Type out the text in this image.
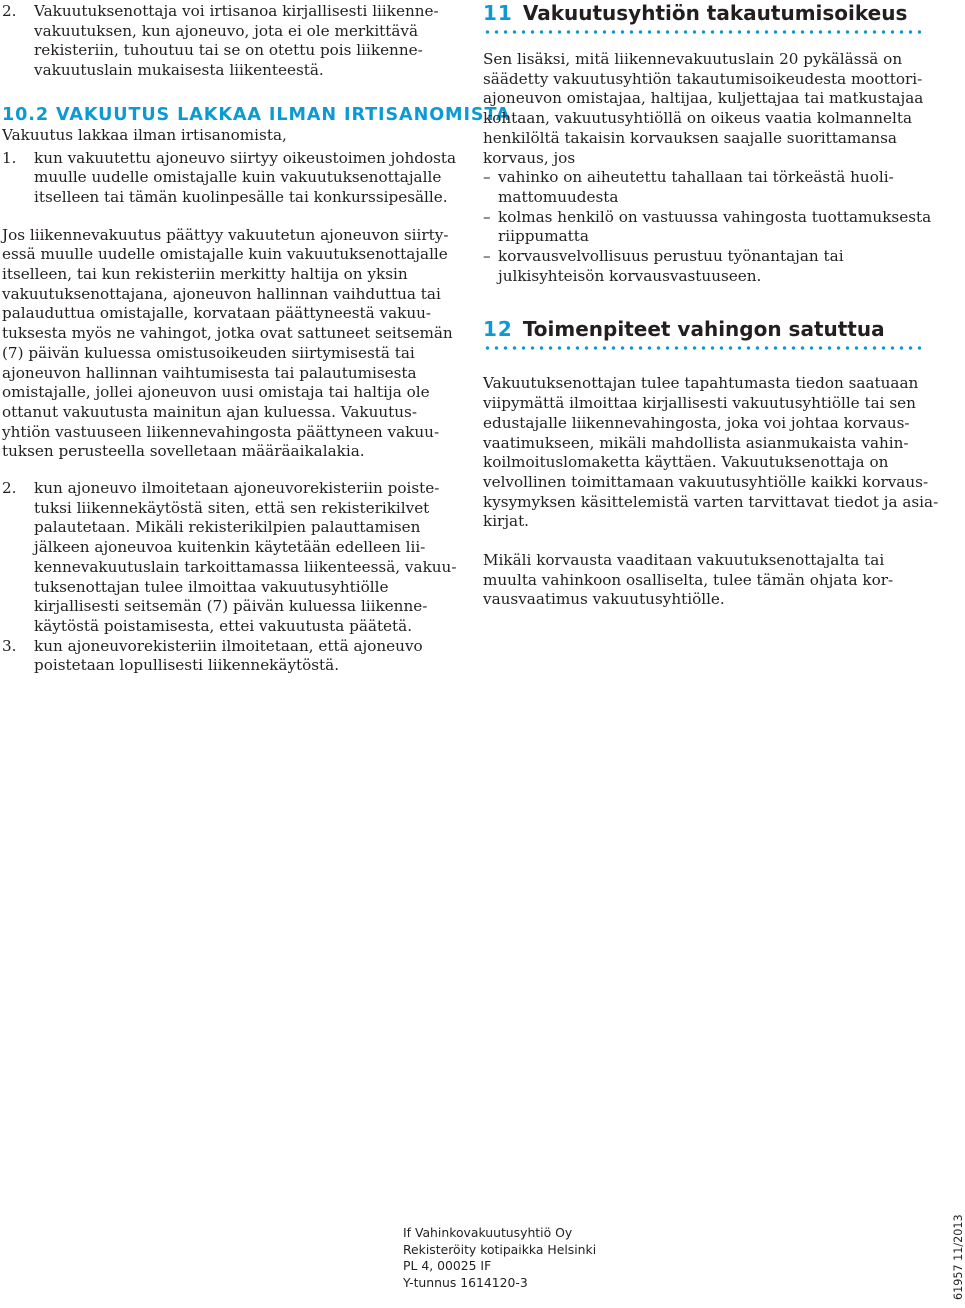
2. Vakuutuksenottaja voi irtisanoa kirjallisesti liikenne-
vakuutuksen, kun ajoneuvo, jota ei ole merkittävä
rekisteriin, tuhoutuu tai se on otettu pois liikenne-
vakuutuslain mukaisesta liikenteestä.
10.2 VAKUUTUS LAKKAA ILMAN IRTISANOMISTA

Vakuutus lakkaa ilman irtisanomista,

1. kun vakuutettu ajoneuvo siirtyy oikeustoimen johdosta
muulle uudelle omistajalle kuin vakuutuksenottajalle
itselleen tai tämän kuolinpesälle tai konkurssipesälle.
Jos liikennevakuutus päättyy vakuutetun ajoneuvon siirty-
essä muulle uudelle omistajalle kuin vakuutuksenottajalle
itselleen, tai kun rekisteriin merkitty haltija on yksin
vakuutuksenottajana, ajoneuvon hallinnan vaihduttua tai
palauduttua omistajalle, korvataan päättyneestä vakuu-
tuksesta myös ne vahingot, jotka ovat sattuneet seitsemän
(7) päivän kuluessa omistusoikeuden siirtymisestä tai
ajoneuvon hallinnan vaihtumisesta tai palautumisesta
omistajalle, jollei ajoneuvon uusi omistaja tai haltija ole
ottanut vakuutusta mainitun ajan kuluessa. Vakuutus-
yhtiön vastuuseen liikennevahingosta päättyneen vakuu-
tuksen perusteella sovelletaan määräaikalakia.
2. kun ajoneuvo ilmoitetaan ajoneuvorekisteriin poiste-
tuksi liikennekäytöstä siten, että sen rekisterikilvet
palautetaan. Mikäli rekisterikilpien palauttamisen
jälkeen ajoneuvoa kuitenkin käytetään edelleen lii-
kennevakuutuslain tarkoittamassa liikenteessä, vakuu-
tuksenottajan tulee ilmoittaa vakuutusyhtiölle
kirjallisesti seitsemän (7) päivän kuluessa liikenne-
käytöstä poistamisesta, ettei vakuutusta päätetä.
3. kun ajoneuvorekisteriin ilmoitetaan, että ajoneuvo
poistetaan lopullisesti liikennekäytöstä.
11 Vakuutusyhtiön takautumisoikeus
Sen lisäksi, mitä liikennevakuutuslain 20 pykälässä on
säädetty vakuutusyhtiön takautumisoikeudesta moottori-
ajoneuvon omistajaa, haltijaa, kuljettajaa tai matkustajaa
kohtaan, vakuutusyhtiöllä on oikeus vaatia kolmannelta
henkilöltä takaisin korvauksen saajalle suorittamansa
korvaus, jos
– vahinko on aiheutettu tahallaan tai törkeästä huoli-
mattomuudesta
– kolmas henkilö on vastuussa vahingosta tuottamuksesta
riippumatta
– korvausvelvollisuus perustuu työnantajan tai
julkisyhteisön korvausvastuuseen.
12 Toimenpiteet vahingon satuttua
Vakuutuksenottajan tulee tapahtumasta tiedon saatuaan
viipymättä ilmoittaa kirjallisesti vakuutusyhtiölle tai sen
edustajalle liikennevahingosta, joka voi johtaa korvaus-
vaatimukseen, mikäli mahdollista asianmukaista vahin-
koilmoituslomaketta käyttäen. Vakuutuksenottaja on
velvollinen toimittamaan vakuutusyhtiölle kaikki korvaus-
kysymyksen käsittelemistä varten tarvittavat tiedot ja asia-
kirjat.
Mikäli korvausta vaaditaan vakuutuksenottajalta tai
muulta vahinkoon osalliselta, tulee tämän ohjata kor-
vausvaatimus vakuutusyhtiölle.
If Vahinkovakuutusyhtiö Oy
Rekisteröity kotipaikka Helsinki
PL 4, 00025 IF
Y-tunnus 1614120-3	61957 11/2013
